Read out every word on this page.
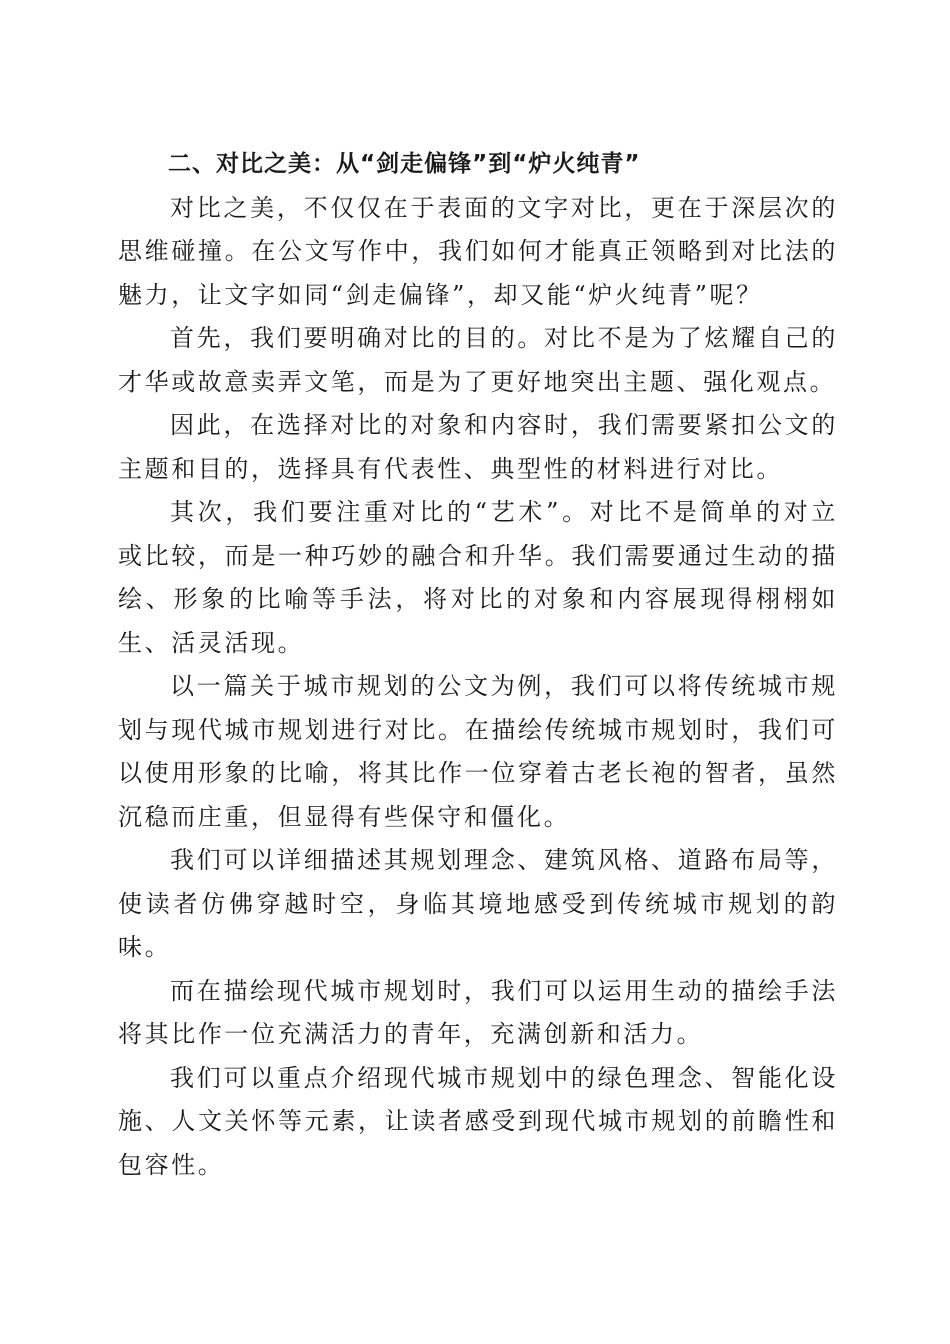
二、对比之美：从“剑走偏锋”到“炉火纯青”

对比之美，不仅仅在于表面的文字对比，更在于深层次的思维碰撞。在公文写作中，我们如何才能真正领略到对比法的魅力，让文字如同“剑走偏锋”，却又能“炉火纯青”呢？

首先，我们要明确对比的目的。对比不是为了炫耀自己的才华或故意卖弄文笔，而是为了更好地突出主题、强化观点。

因此，在选择对比的对象和内容时，我们需要紧扣公文的主题和目的，选择具有代表性、典型性的材料进行对比。

其次，我们要注重对比的“艺术”。对比不是简单的对立或比较，而是一种巧妙的融合和升华。我们需要通过生动的描绘、形象的比喻等手法，将对比的对象和内容展现得栩栩如生、活灵活现。

以一篇关于城市规划的公文为例，我们可以将传统城市规划与现代城市规划进行对比。在描绘传统城市规划时，我们可以使用形象的比喻，将其比作一位穿着古老长袍的智者，虽然沉稳而庄重，但显得有些保守和僵化。

我们可以详细描述其规划理念、建筑风格、道路布局等，使读者仿佛穿越时空，身临其境地感受到传统城市规划的韵味。

而在描绘现代城市规划时，我们可以运用生动的描绘手法将其比作一位充满活力的青年，充满创新和活力。

我们可以重点介绍现代城市规划中的绿色理念、智能化设施、人文关怀等元素，让读者感受到现代城市规划的前瞻性和包容性。
